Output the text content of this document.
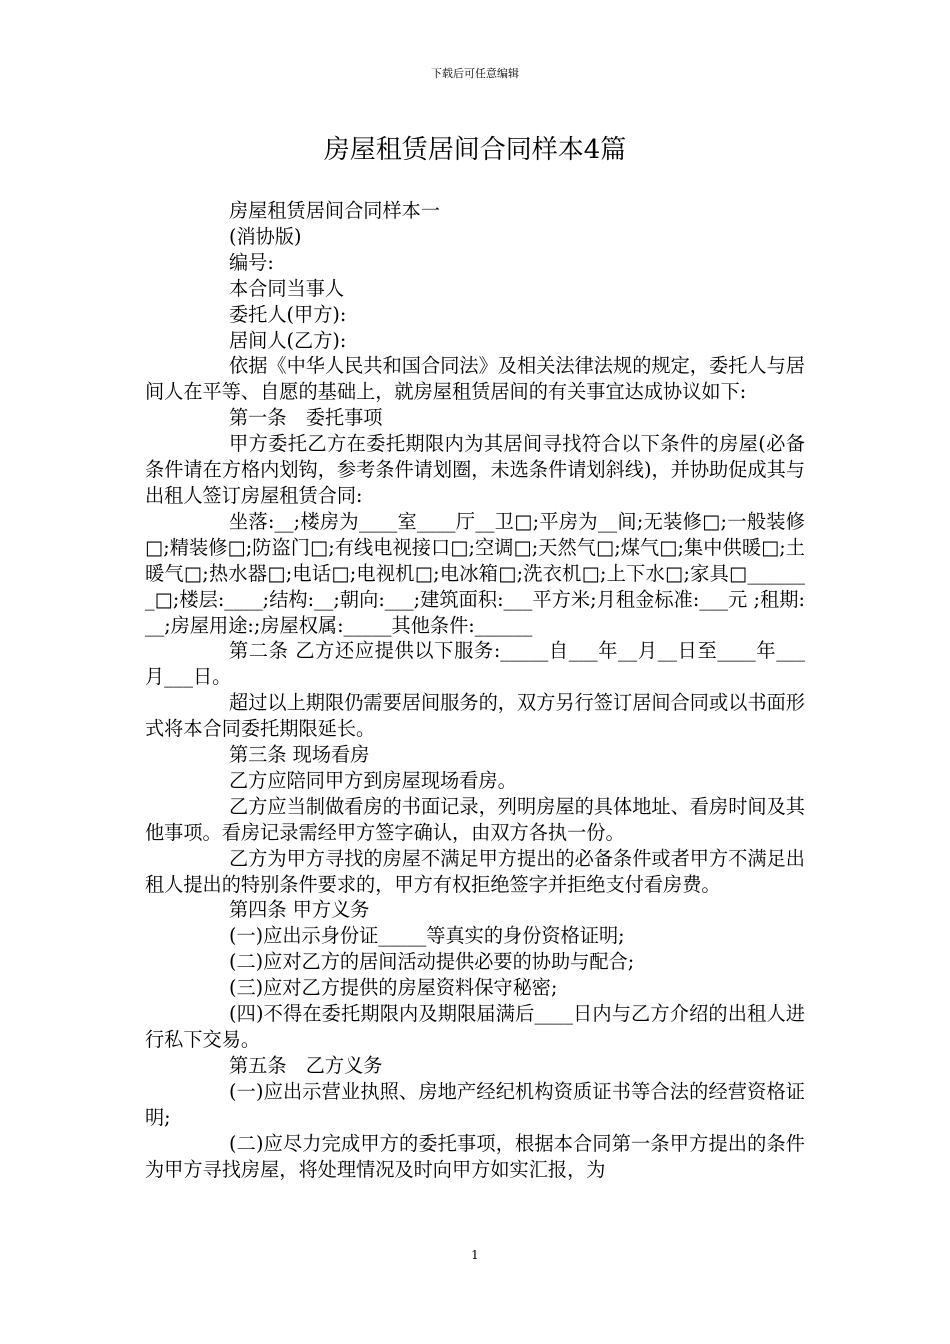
下载后可任意编辑
房屋租赁居间合同样本4篇

房屋租赁居间合同样本一

(消协版)

编号:

本合同当事人

委托人(甲方):

居间人(乙方):

依据《中华人民共和国合同法》及相关法律法规的规定，委托人与居间人在平等、自愿的基础上，就房屋租赁居间的有关事宜达成协议如下:

第一条　委托事项

甲方委托乙方在委托期限内为其居间寻找符合以下条件的房屋(必备条件请在方格内划钩，参考条件请划圈，未选条件请划斜线)，并协助促成其与出租人签订房屋租赁合同:

坐落:__;楼房为____室____厅__卫□;平房为__间;无装修□;一般装修□;精装修□;防盗门□;有线电视接口□;空调□;天然气□;煤气□;集中供暖□;土暖气□;热水器□;电话□;电视机□;电冰箱□;洗衣机□;上下水□;家具□_______□;楼层:____;结构:__;朝向:___;建筑面积:___平方米;月租金标准:___元 ;租期:__;房屋用途:;房屋权属:_____其他条件:______

第二条 乙方还应提供以下服务:_____自___年__月__日至____年___月___日。

超过以上期限仍需要居间服务的，双方另行签订居间合同或以书面形式将本合同委托期限延长。

第三条 现场看房

乙方应陪同甲方到房屋现场看房。

乙方应当制做看房的书面记录，列明房屋的具体地址、看房时间及其他事项。看房记录需经甲方签字确认，由双方各执一份。

乙方为甲方寻找的房屋不满足甲方提出的必备条件或者甲方不满足出租人提出的特别条件要求的，甲方有权拒绝签字并拒绝支付看房费。

第四条 甲方义务

(一)应出示身份证_____等真实的身份资格证明;

(二)应对乙方的居间活动提供必要的协助与配合;

(三)应对乙方提供的房屋资料保守秘密;

(四)不得在委托期限内及期限届满后____日内与乙方介绍的出租人进行私下交易。

第五条　乙方义务

(一)应出示营业执照、房地产经纪机构资质证书等合法的经营资格证明;

(二)应尽力完成甲方的委托事项，根据本合同第一条甲方提出的条件为甲方寻找房屋，将处理情况及时向甲方如实汇报，为

1
